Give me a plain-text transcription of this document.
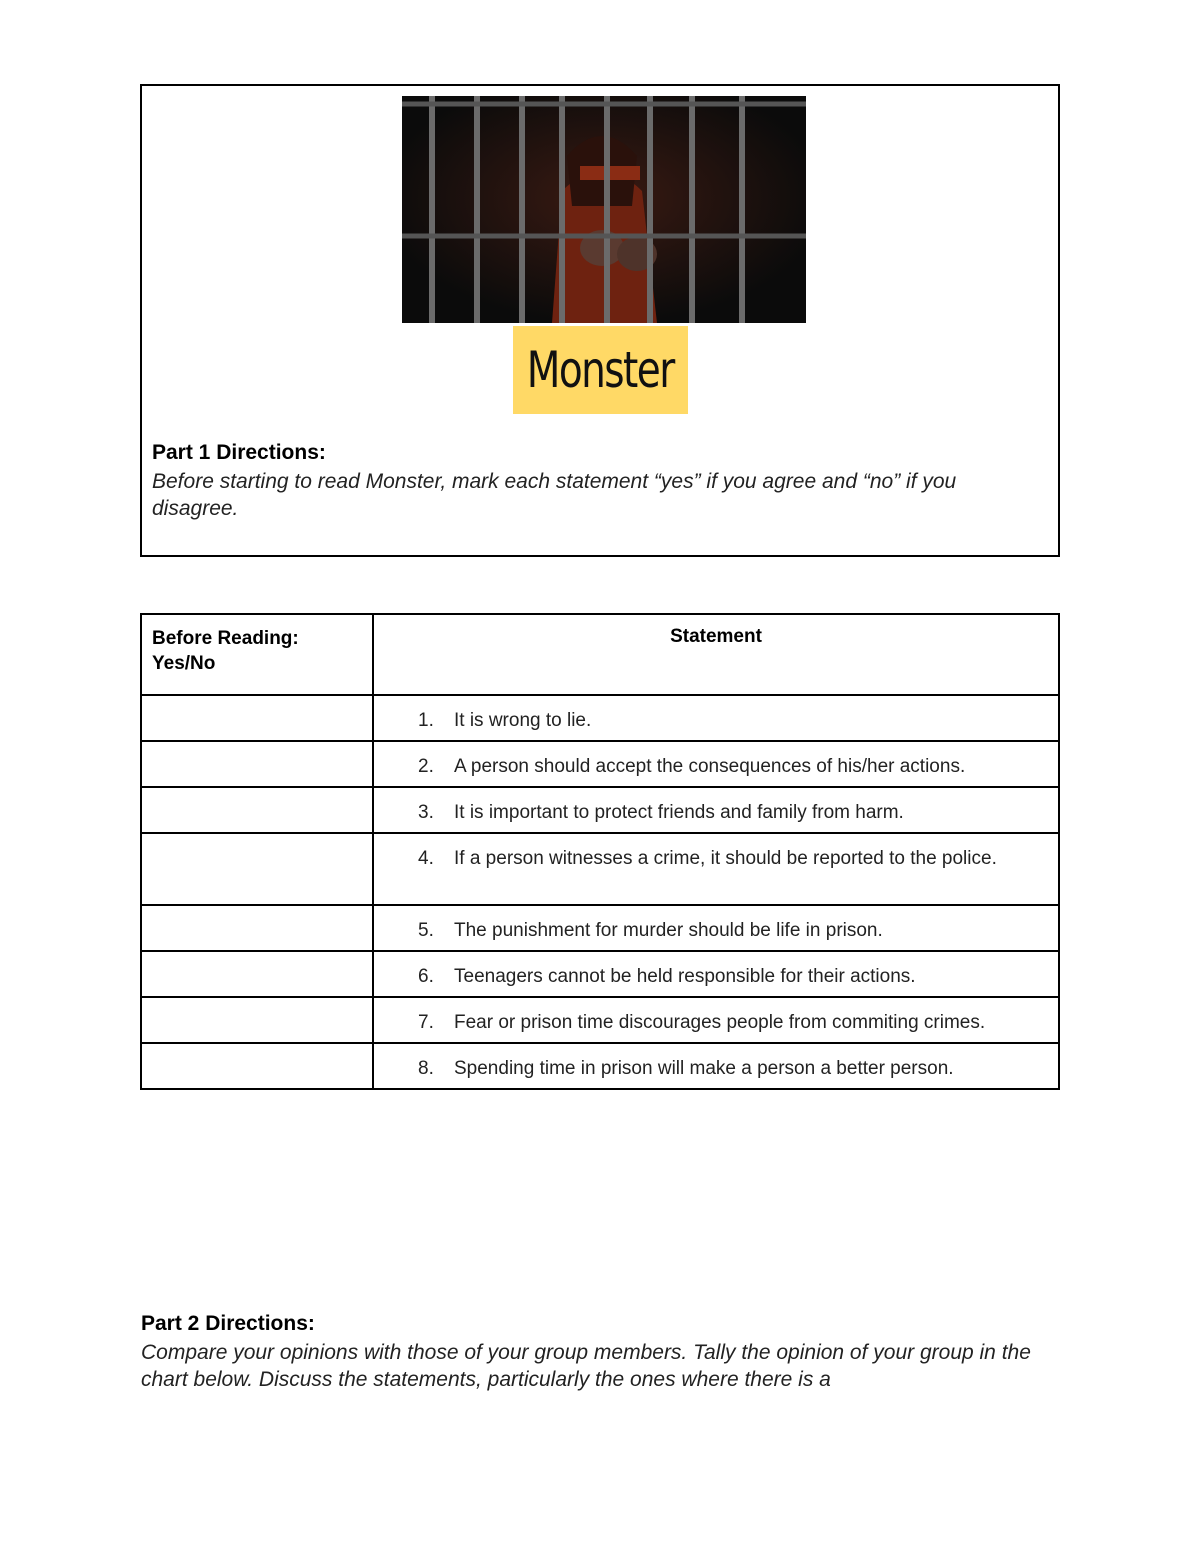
Monster
Part 1 Directions:
Before starting to read Monster, mark each statement “yes” if you agree and “no” if you disagree.
Before Reading: Yes/No	Statement

	1. It is wrong to lie.

	2. A person should accept the consequences of his/her actions.

	3. It is important to protect friends and family from harm.

	4. If a person witnesses a crime, it should be reported to the police.

	5. The punishment for murder should be life in prison.

	6. Teenagers cannot be held responsible for their actions.

	7. Fear or prison time discourages people from commiting crimes.

	8. Spending time in prison will make a person a better person.
Part 2 Directions:
Compare your opinions with those of your group members. Tally the opinion of your group in the chart below. Discuss the statements, particularly the ones where there is a
